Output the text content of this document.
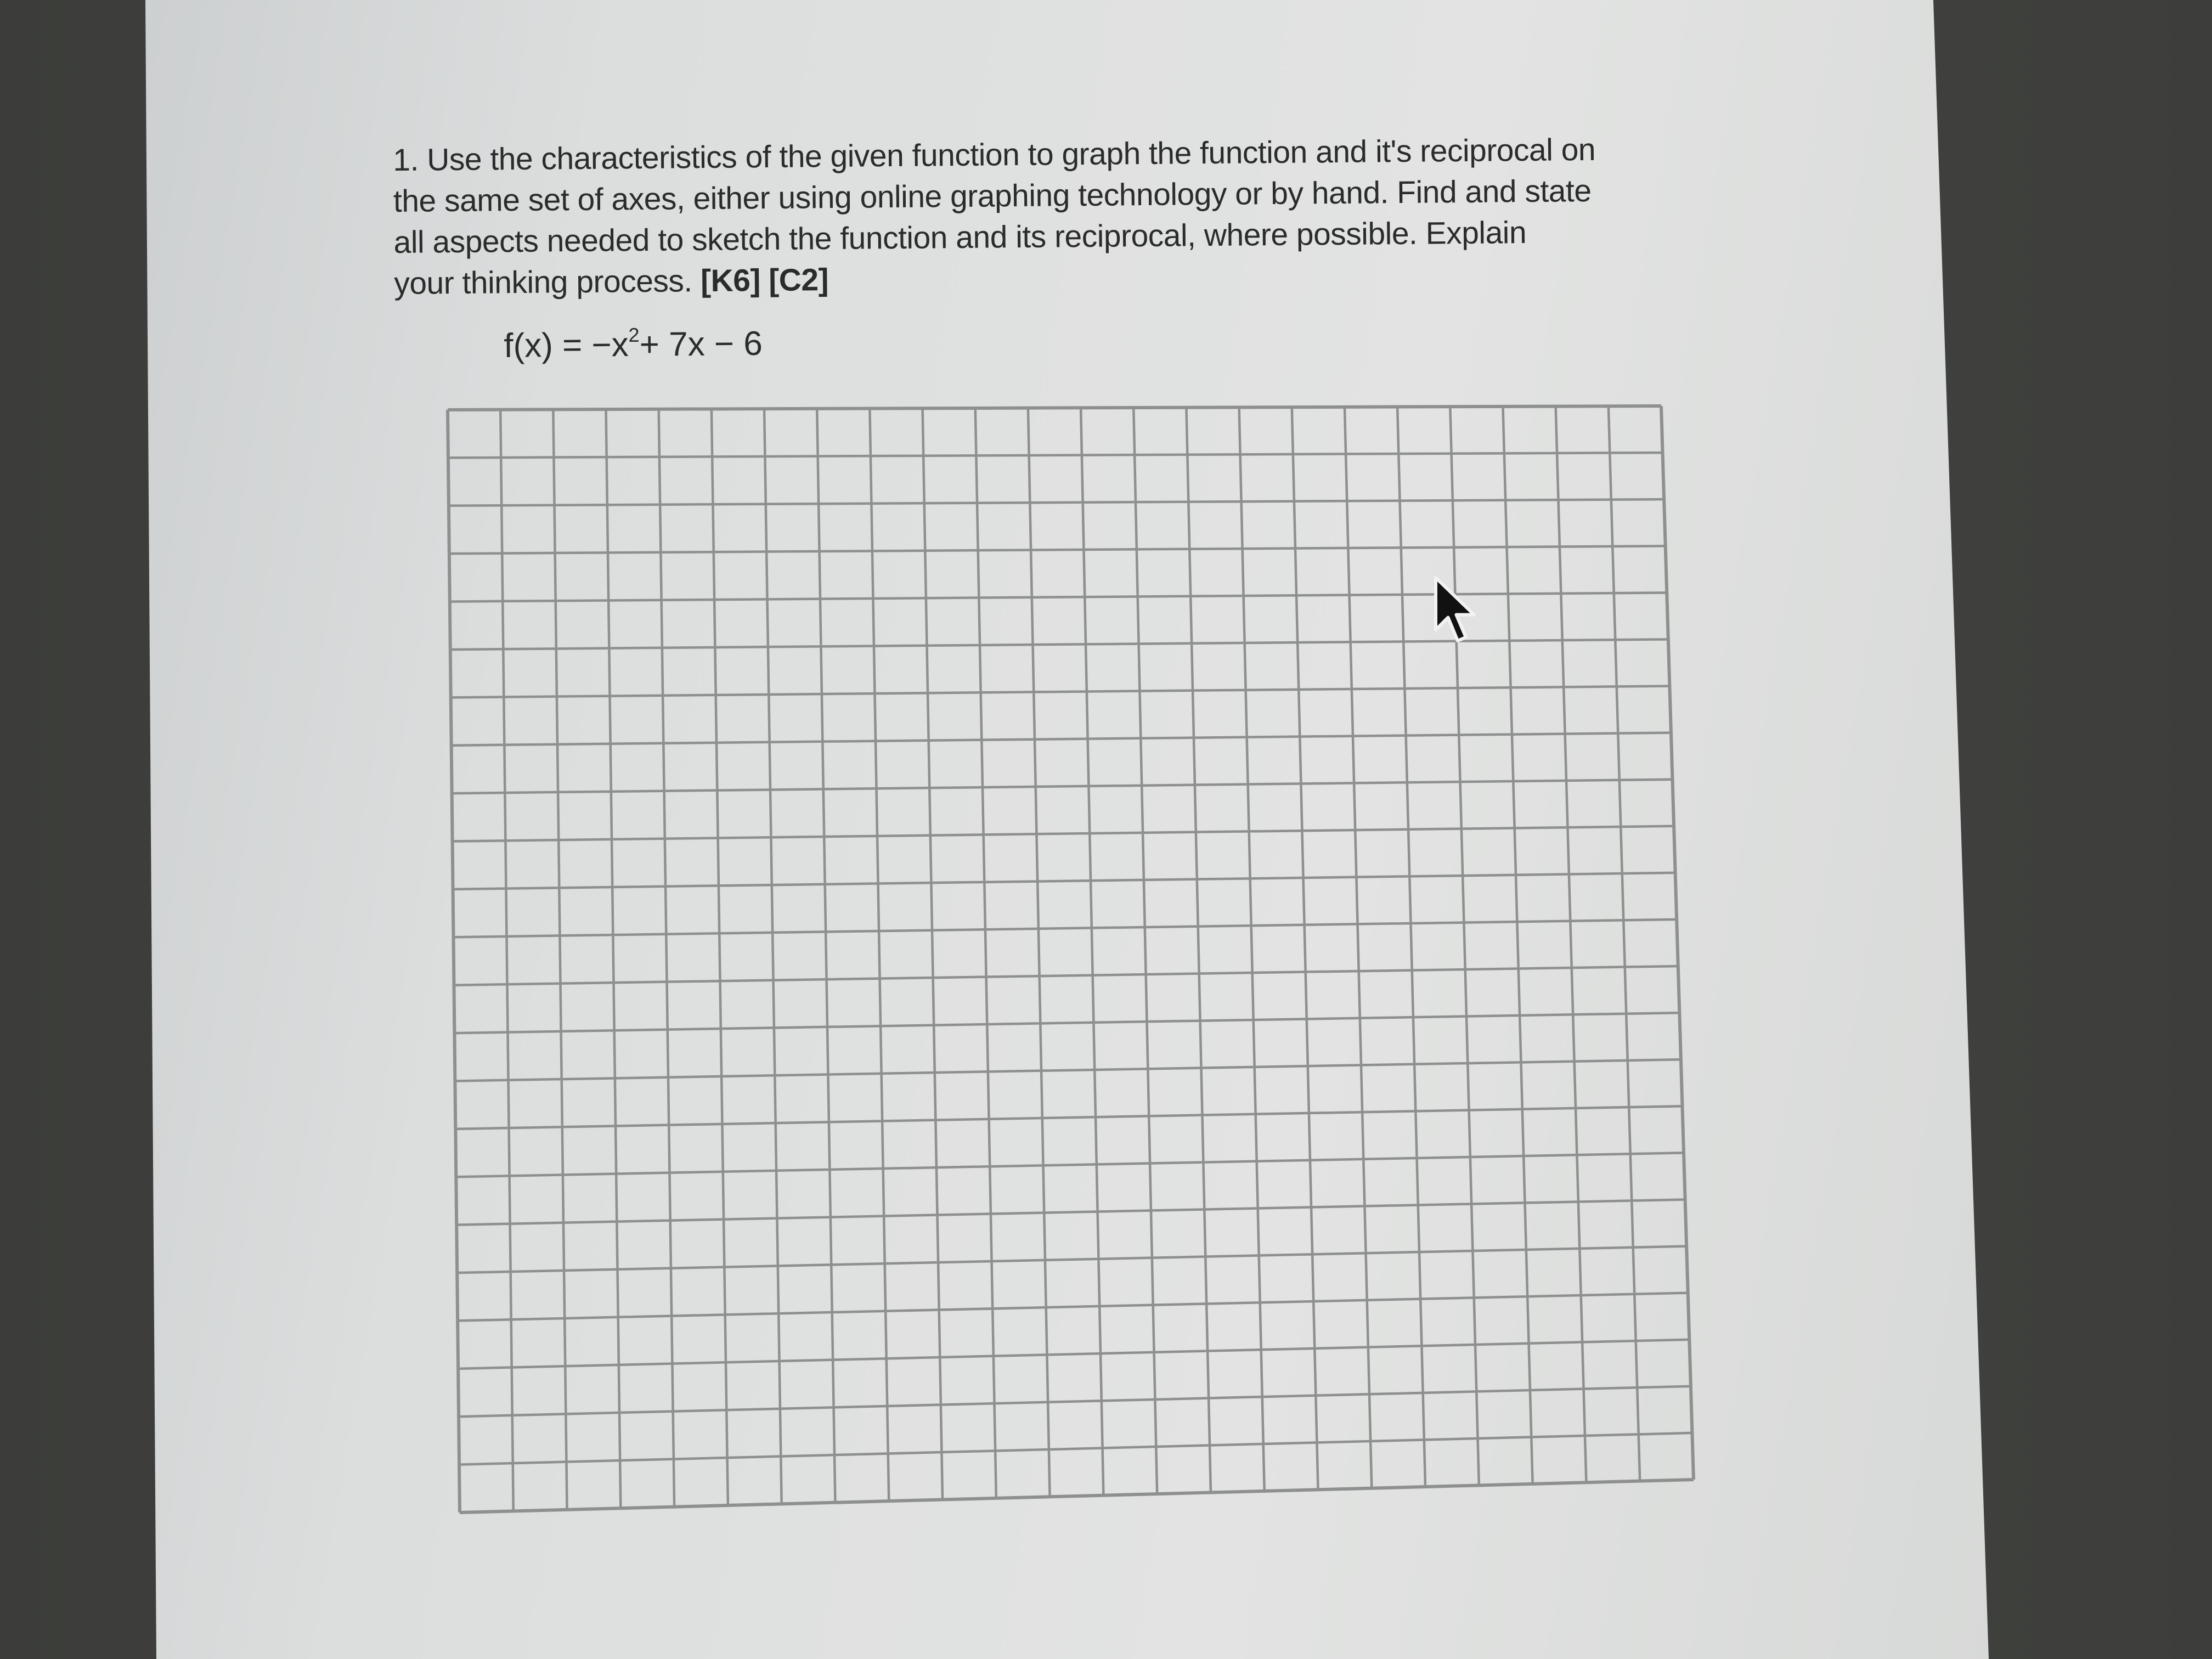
1. Use the characteristics of the given function to graph the function and it's reciprocal on
the same set of axes, either using online graphing technology or by hand. Find and state
all aspects needed to sketch the function and its reciprocal, where possible. Explain
your thinking process. [K6] [C2]
$f(x) = -x^2+ 7x - 6$
